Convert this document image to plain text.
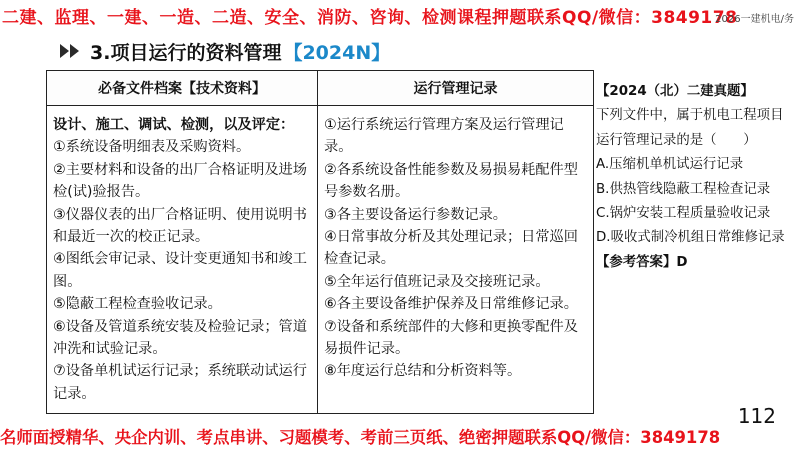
二建、监理、一建、一造、二造、安全、消防、咨询、检测课程押题联系QQ/微信：3849178
2026一建机电/务
3.项目运行的资料管理 【2024N】
必备文件档案【技术资料】

设计、施工、调试、检测，以及评定：

①系统设备明细表及采购资料。

②主要材料和设备的出厂合格证明及进场检(试)验报告。

③仪器仪表的出厂合格证明、使用说明书和最近一次的校正记录。

④图纸会审记录、设计变更通知书和竣工图。

⑤隐蔽工程检查验收记录。

⑥设备及管道系统安装及检验记录；管道冲洗和试验记录。

⑦设备单机试运行记录；系统联动试运行记录。

运行管理记录

①运行系统运行管理方案及运行管理记录。

②各系统设备性能参数及易损易耗配件型号参数名册。

③各主要设备运行参数记录。

④日常事故分析及其处理记录；日常巡回检查记录。

⑤全年运行值班记录及交接班记录。

⑥各主要设备维护保养及日常维修记录。

⑦设备和系统部件的大修和更换零配件及易损件记录。

⑧年度运行总结和分析资料等。

【2024（北）二建真题】

下列文件中，属于机电工程项目运行管理记录的是（　　）

A.压缩机单机试运行记录

B.供热管线隐蔽工程检查记录

C.锅炉安装工程质量验收记录

D.吸收式制冷机组日常维修记录

【参考答案】D

112
名师面授精华、央企内训、考点串讲、习题模考、考前三页纸、绝密押题联系QQ/微信：3849178
